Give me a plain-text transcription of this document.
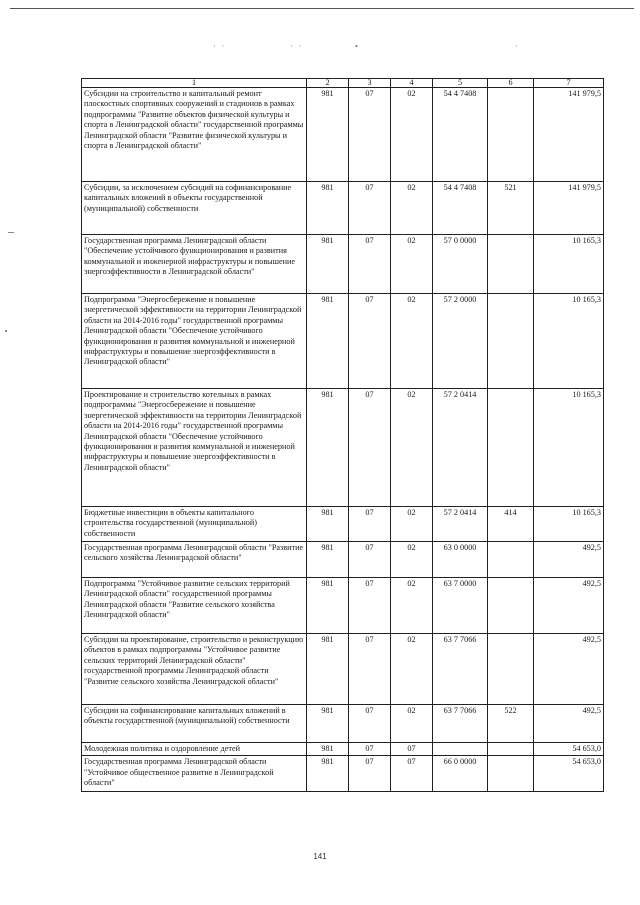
· ·	· ·	•	·
1	2	3	4	5	6	7
Субсидии на строительство и капитальный ремонт плоскостных спортивных сооружений и стадионов в рамках подпрограммы "Развитие объектов физической культуры и спорта в Ленинградской области" государственной программы Ленинградской области "Развитие физической культуры и спорта в Ленинградской области"	981	07	02	54 4 7408		141 979,5
Субсидии, за исключением субсидий на софинансирование капитальных вложений в объекты государственной (муниципальной) собственности	981	07	02	54 4 7408	521	141 979,5
Государственная программа Ленинградской области "Обеспечение устойчивого функционирования и развития коммунальной и инженерной инфраструктуры и повышение энергоэффективности в Ленинградской области"	981	07	02	57 0 0000		10 165,3
Подпрограмма "Энергосбережение и повышение энергетической эффективности на территории Ленинградской области на 2014-2016 годы" государственной программы Ленинградской области "Обеспечение устойчивого функционирования и развития коммунальной и инженерной инфраструктуры и повышение энергоэффективности в Ленинградской области"	981	07	02	57 2 0000		10 165,3
Проектирование и строительство котельных в рамках подпрограммы "Энергосбережение и повышение энергетической эффективности на территории Ленинградской области на 2014-2016 годы" государственной программы Ленинградской области "Обеспечение устойчивого функционирования и развития коммунальной и инженерной инфраструктуры и повышение энергоэффективности в Ленинградской области"	981	07	02	57 2 0414		10 165,3
Бюджетные инвестиции в объекты капитального строительства государственной (муниципальной) собственности	981	07	02	57 2 0414	414	10 165,3
Государственная программа Ленинградской области "Развитие сельского хозяйства Ленинградской области"	981	07	02	63 0 0000		492,5
Подпрограмма "Устойчивое развитие сельских территорий Ленинградской области" государственной программы Ленинградской области "Развитие сельского хозяйства Ленинградской области"	981	07	02	63 7 0000		492,5
Субсидии на проектирование, строительство и реконструкцию объектов в рамках подпрограммы "Устойчивое развитие сельских территорий Ленинградской области" государственной программы Ленинградской области "Развитие сельского хозяйства Ленинградской области"	981	07	02	63 7 7066		492,5
Субсидии на софинансирование капитальных вложений в объекты государственной (муниципальной) собственности	981	07	02	63 7 7066	522	492,5
Молодежная политика и оздоровление детей	981	07	07			54 653,0
Государственная программа Ленинградской области "Устойчивое общественное развитие в Ленинградской области"	981	07	07	66 0 0000		54 653,0
141
